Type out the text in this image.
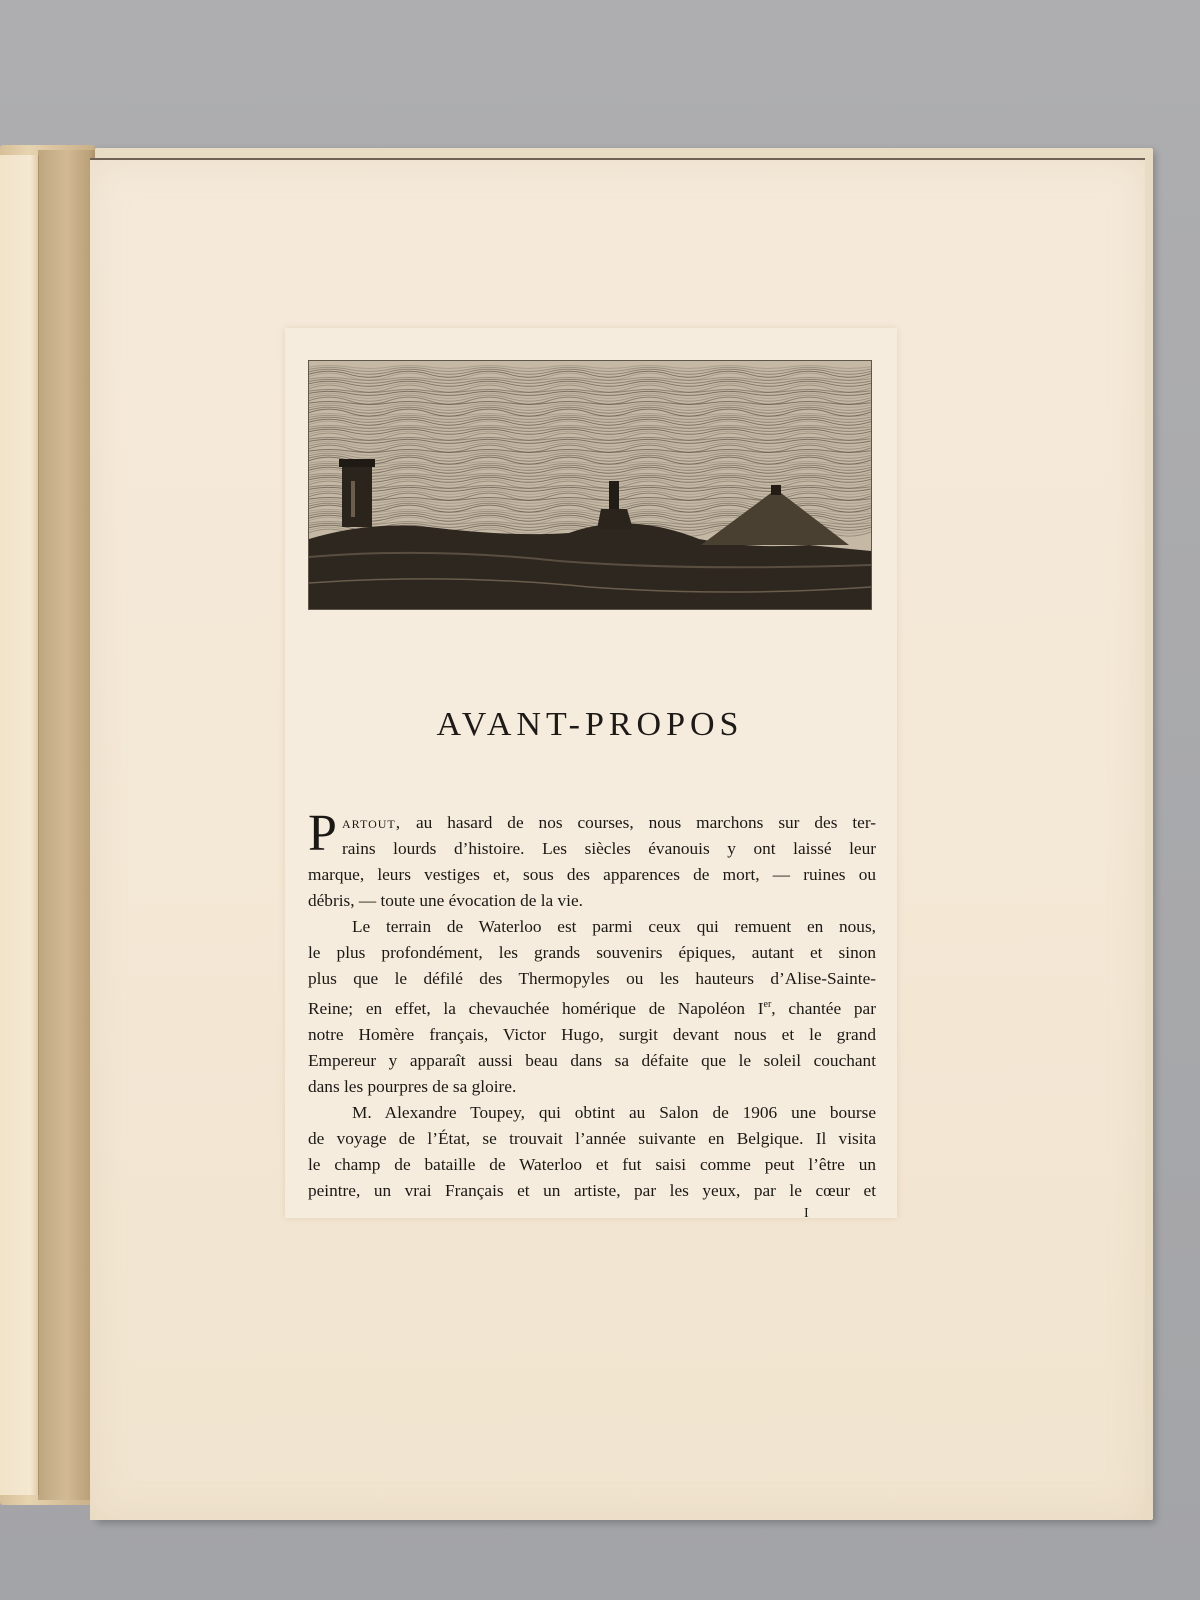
AVANT-PROPOS
P artout, au hasard de nos courses, nous marchons sur des ter-
rains lourds d’histoire. Les siècles évanouis y ont laissé leur
marque, leurs vestiges et, sous des apparences de mort, — ruines ou
débris, — toute une évocation de la vie.
Le terrain de Waterloo est parmi ceux qui remuent en nous,
le plus profondément, les grands souvenirs épiques, autant et sinon
plus que le défilé des Thermopyles ou les hauteurs d’Alise-Sainte-
Reine; en effet, la chevauchée homérique de Napoléon Ier, chantée par
notre Homère français, Victor Hugo, surgit devant nous et le grand
Empereur y apparaît aussi beau dans sa défaite que le soleil couchant
dans les pourpres de sa gloire.
M. Alexandre Toupey, qui obtint au Salon de 1906 une bourse
de voyage de l’État, se trouvait l’année suivante en Belgique. Il visita
le champ de bataille de Waterloo et fut saisi comme peut l’être un
peintre, un vrai Français et un artiste, par les yeux, par le cœur et
I
